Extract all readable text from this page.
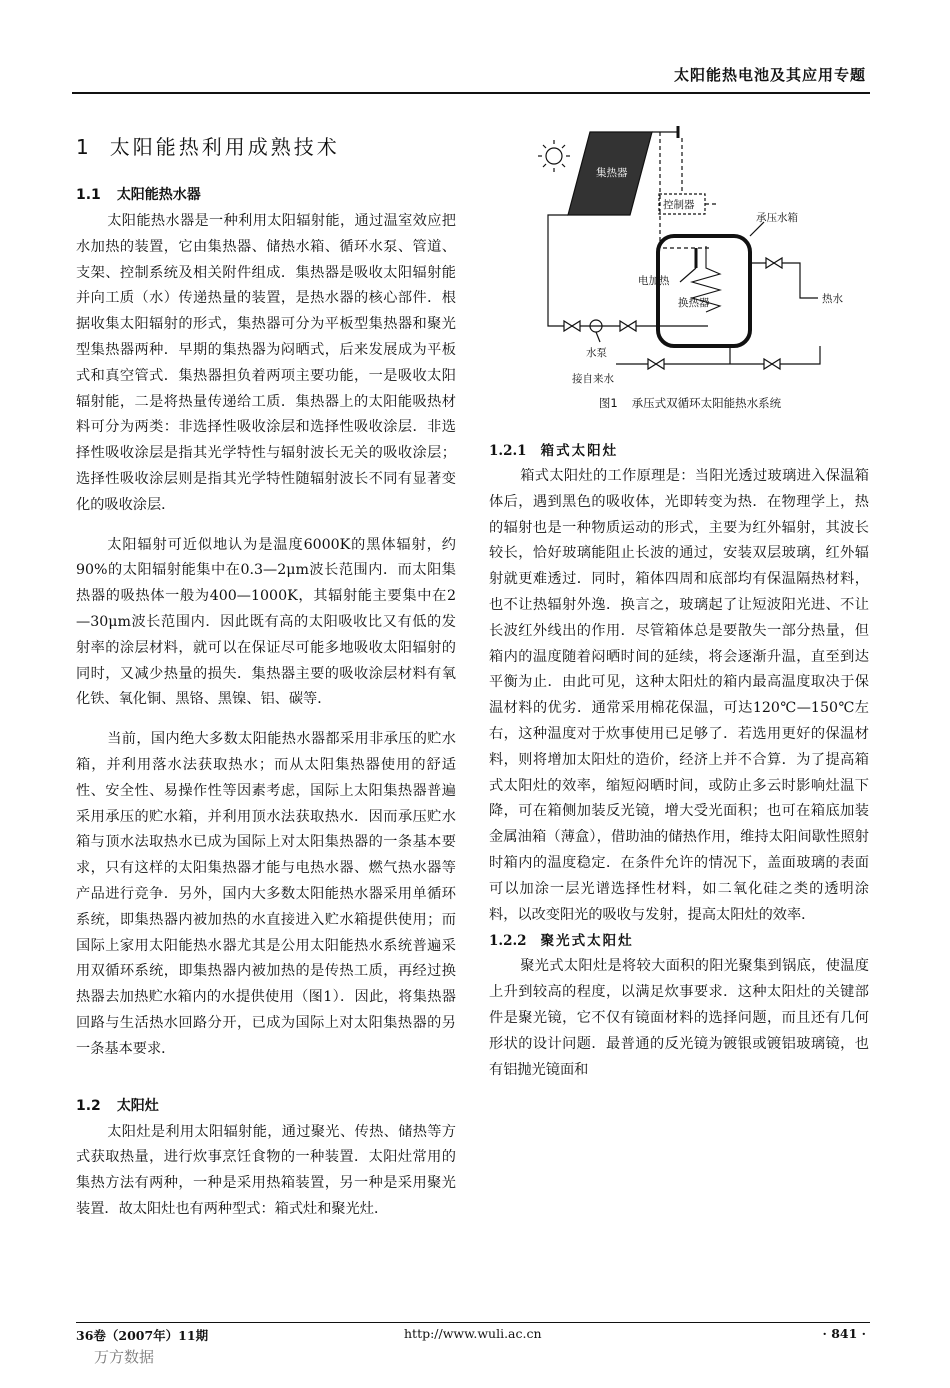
太阳能热电池及其应用专题
1 太阳能热利用成熟技术
1.1 太阳能热水器

太阳能热水器是一种利用太阳辐射能，通过温室效应把水加热的装置，它由集热器、储热水箱、循环水泵、管道、支架、控制系统及相关附件组成．集热器是吸收太阳辐射能并向工质（水）传递热量的装置，是热水器的核心部件．根据收集太阳辐射的形式，集热器可分为平板型集热器和聚光型集热器两种．早期的集热器为闷晒式，后来发展成为平板式和真空管式．集热器担负着两项主要功能，一是吸收太阳辐射能，二是将热量传递给工质．集热器上的太阳能吸热材料可分为两类：非选择性吸收涂层和选择性吸收涂层．非选择性吸收涂层是指其光学特性与辐射波长无关的吸收涂层；选择性吸收涂层则是指其光学特性随辐射波长不同有显著变化的吸收涂层．

太阳辐射可近似地认为是温度6000K的黑体辐射，约90%的太阳辐射能集中在0.3—2μm波长范围内．而太阳集热器的吸热体一般为400—1000K，其辐射能主要集中在2—30μm波长范围内．因此既有高的太阳吸收比又有低的发射率的涂层材料，就可以在保证尽可能多地吸收太阳辐射的同时，又减少热量的损失．集热器主要的吸收涂层材料有氧化铁、氧化铜、黑铬、黑镍、铝、碳等．

当前，国内绝大多数太阳能热水器都采用非承压的贮水箱，并利用落水法获取热水；而从太阳集热器使用的舒适性、安全性、易操作性等因素考虑，国际上太阳集热器普遍采用承压的贮水箱，并利用顶水法获取热水．因而承压贮水箱与顶水法取热水已成为国际上对太阳集热器的一条基本要求，只有这样的太阳集热器才能与电热水器、燃气热水器等产品进行竞争．另外，国内大多数太阳能热水器采用单循环系统，即集热器内被加热的水直接进入贮水箱提供使用；而国际上家用太阳能热水器尤其是公用太阳能热水系统普遍采用双循环系统，即集热器内被加热的是传热工质，再经过换热器去加热贮水箱内的水提供使用（图1）．因此，将集热器回路与生活热水回路分开，已成为国际上对太阳集热器的另一条基本要求．

1.2 太阳灶

太阳灶是利用太阳辐射能，通过聚光、传热、储热等方式获取热量，进行炊事烹饪食物的一种装置．太阳灶常用的集热方法有两种，一种是采用热箱装置，另一种是采用聚光装置．故太阳灶也有两种型式：箱式灶和聚光灶．

集热器
控制器
承压水箱
电加热
换热器
水泵
热水
接自来水
图1 承压式双循环太阳能热水系统
1.2.1 箱式太阳灶

箱式太阳灶的工作原理是：当阳光透过玻璃进入保温箱体后，遇到黑色的吸收体，光即转变为热．在物理学上，热的辐射也是一种物质运动的形式，主要为红外辐射，其波长较长，恰好玻璃能阻止长波的通过，安装双层玻璃，红外辐射就更难透过．同时，箱体四周和底部均有保温隔热材料，也不让热辐射外逸．换言之，玻璃起了让短波阳光进、不让长波红外线出的作用．尽管箱体总是要散失一部分热量，但箱内的温度随着闷晒时间的延续，将会逐渐升温，直至到达平衡为止．由此可见，这种太阳灶的箱内最高温度取决于保温材料的优劣．通常采用棉花保温，可达120℃—150℃左右，这种温度对于炊事使用已足够了．若选用更好的保温材料，则将增加太阳灶的造价，经济上并不合算．为了提高箱式太阳灶的效率，缩短闷晒时间，或防止多云时影响灶温下降，可在箱侧加装反光镜，增大受光面积；也可在箱底加装金属油箱（薄盒），借助油的储热作用，维持太阳间歇性照射时箱内的温度稳定．在条件允许的情况下，盖面玻璃的表面可以加涂一层光谱选择性材料，如二氧化硅之类的透明涂料，以改变阳光的吸收与发射，提高太阳灶的效率．

1.2.2 聚光式太阳灶

聚光式太阳灶是将较大面积的阳光聚集到锅底，使温度上升到较高的程度，以满足炊事要求．这种太阳灶的关键部件是聚光镜，它不仅有镜面材料的选择问题，而且还有几何形状的设计问题．最普通的反光镜为镀银或镀铝玻璃镜，也有铝抛光镜面和

36卷（2007年）11期	http://www.wuli.ac.cn	· 841 ·
万方数据
